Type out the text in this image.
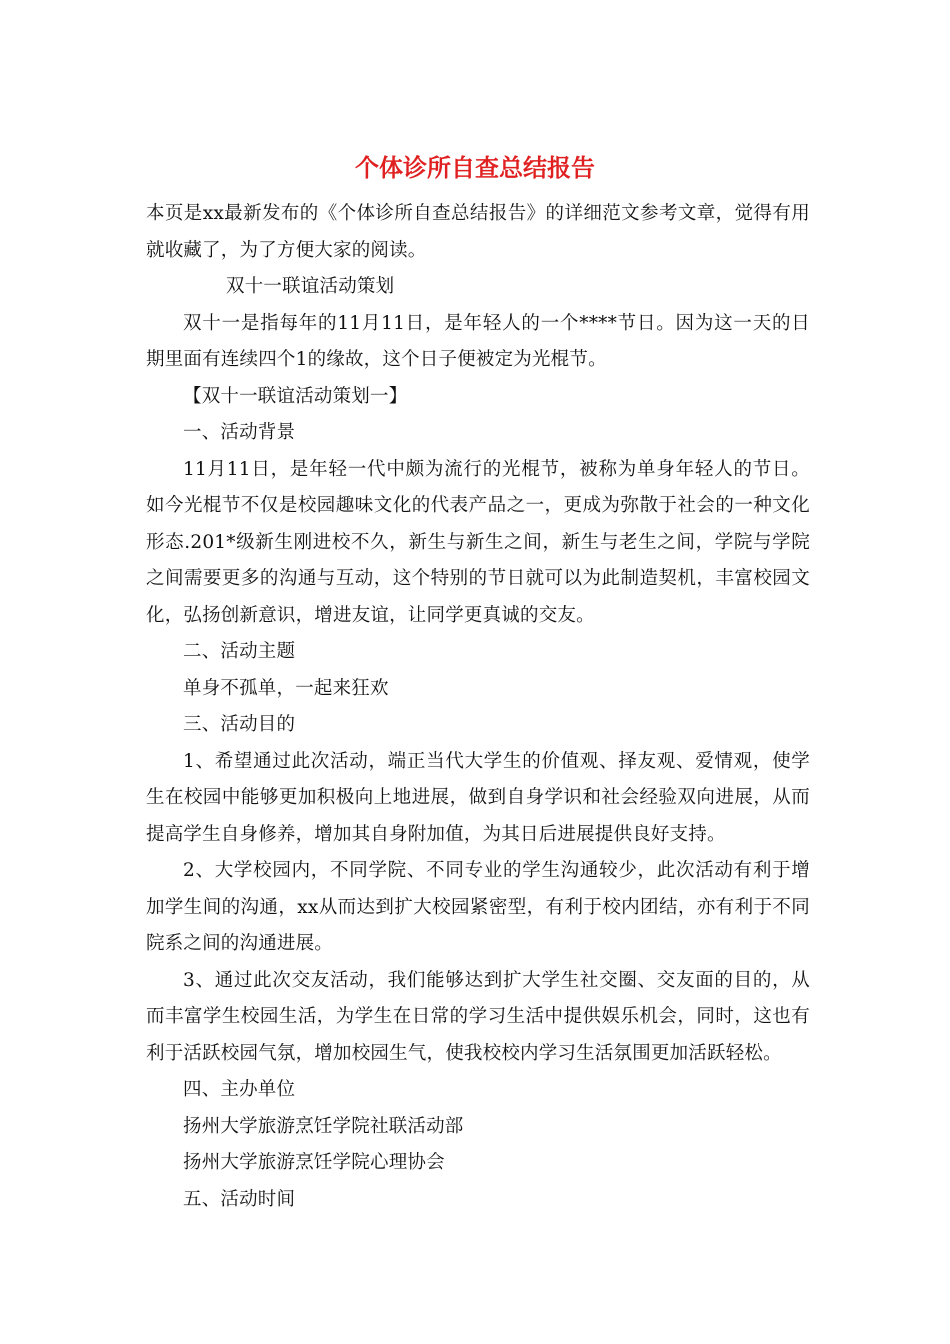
个体诊所自查总结报告

本页是xx最新发布的《个体诊所自查总结报告》的详细范文参考文章，觉得有用就收藏了，为了方便大家的阅读。

双十一联谊活动策划

双十一是指每年的11月11日，是年轻人的一个****节日。因为这一天的日期里面有连续四个1的缘故，这个日子便被定为光棍节。

【双十一联谊活动策划一】

一、活动背景

11月11日，是年轻一代中颇为流行的光棍节，被称为单身年轻人的节日。如今光棍节不仅是校园趣味文化的代表产品之一，更成为弥散于社会的一种文化形态.201*级新生刚进校不久，新生与新生之间，新生与老生之间，学院与学院之间需要更多的沟通与互动，这个特别的节日就可以为此制造契机，丰富校园文化，弘扬创新意识，增进友谊，让同学更真诚的交友。

二、活动主题

单身不孤单，一起来狂欢

三、活动目的

1、希望通过此次活动，端正当代大学生的价值观、择友观、爱情观，使学生在校园中能够更加积极向上地进展，做到自身学识和社会经验双向进展，从而提高学生自身修养，增加其自身附加值，为其日后进展提供良好支持。

2、大学校园内，不同学院、不同专业的学生沟通较少，此次活动有利于增加学生间的沟通，xx从而达到扩大校园紧密型，有利于校内团结，亦有利于不同院系之间的沟通进展。

3、通过此次交友活动，我们能够达到扩大学生社交圈、交友面的目的，从而丰富学生校园生活，为学生在日常的学习生活中提供娱乐机会，同时，这也有利于活跃校园气氛，增加校园生气，使我校校内学习生活氛围更加活跃轻松。

四、主办单位

扬州大学旅游烹饪学院社联活动部

扬州大学旅游烹饪学院心理协会

五、活动时间
